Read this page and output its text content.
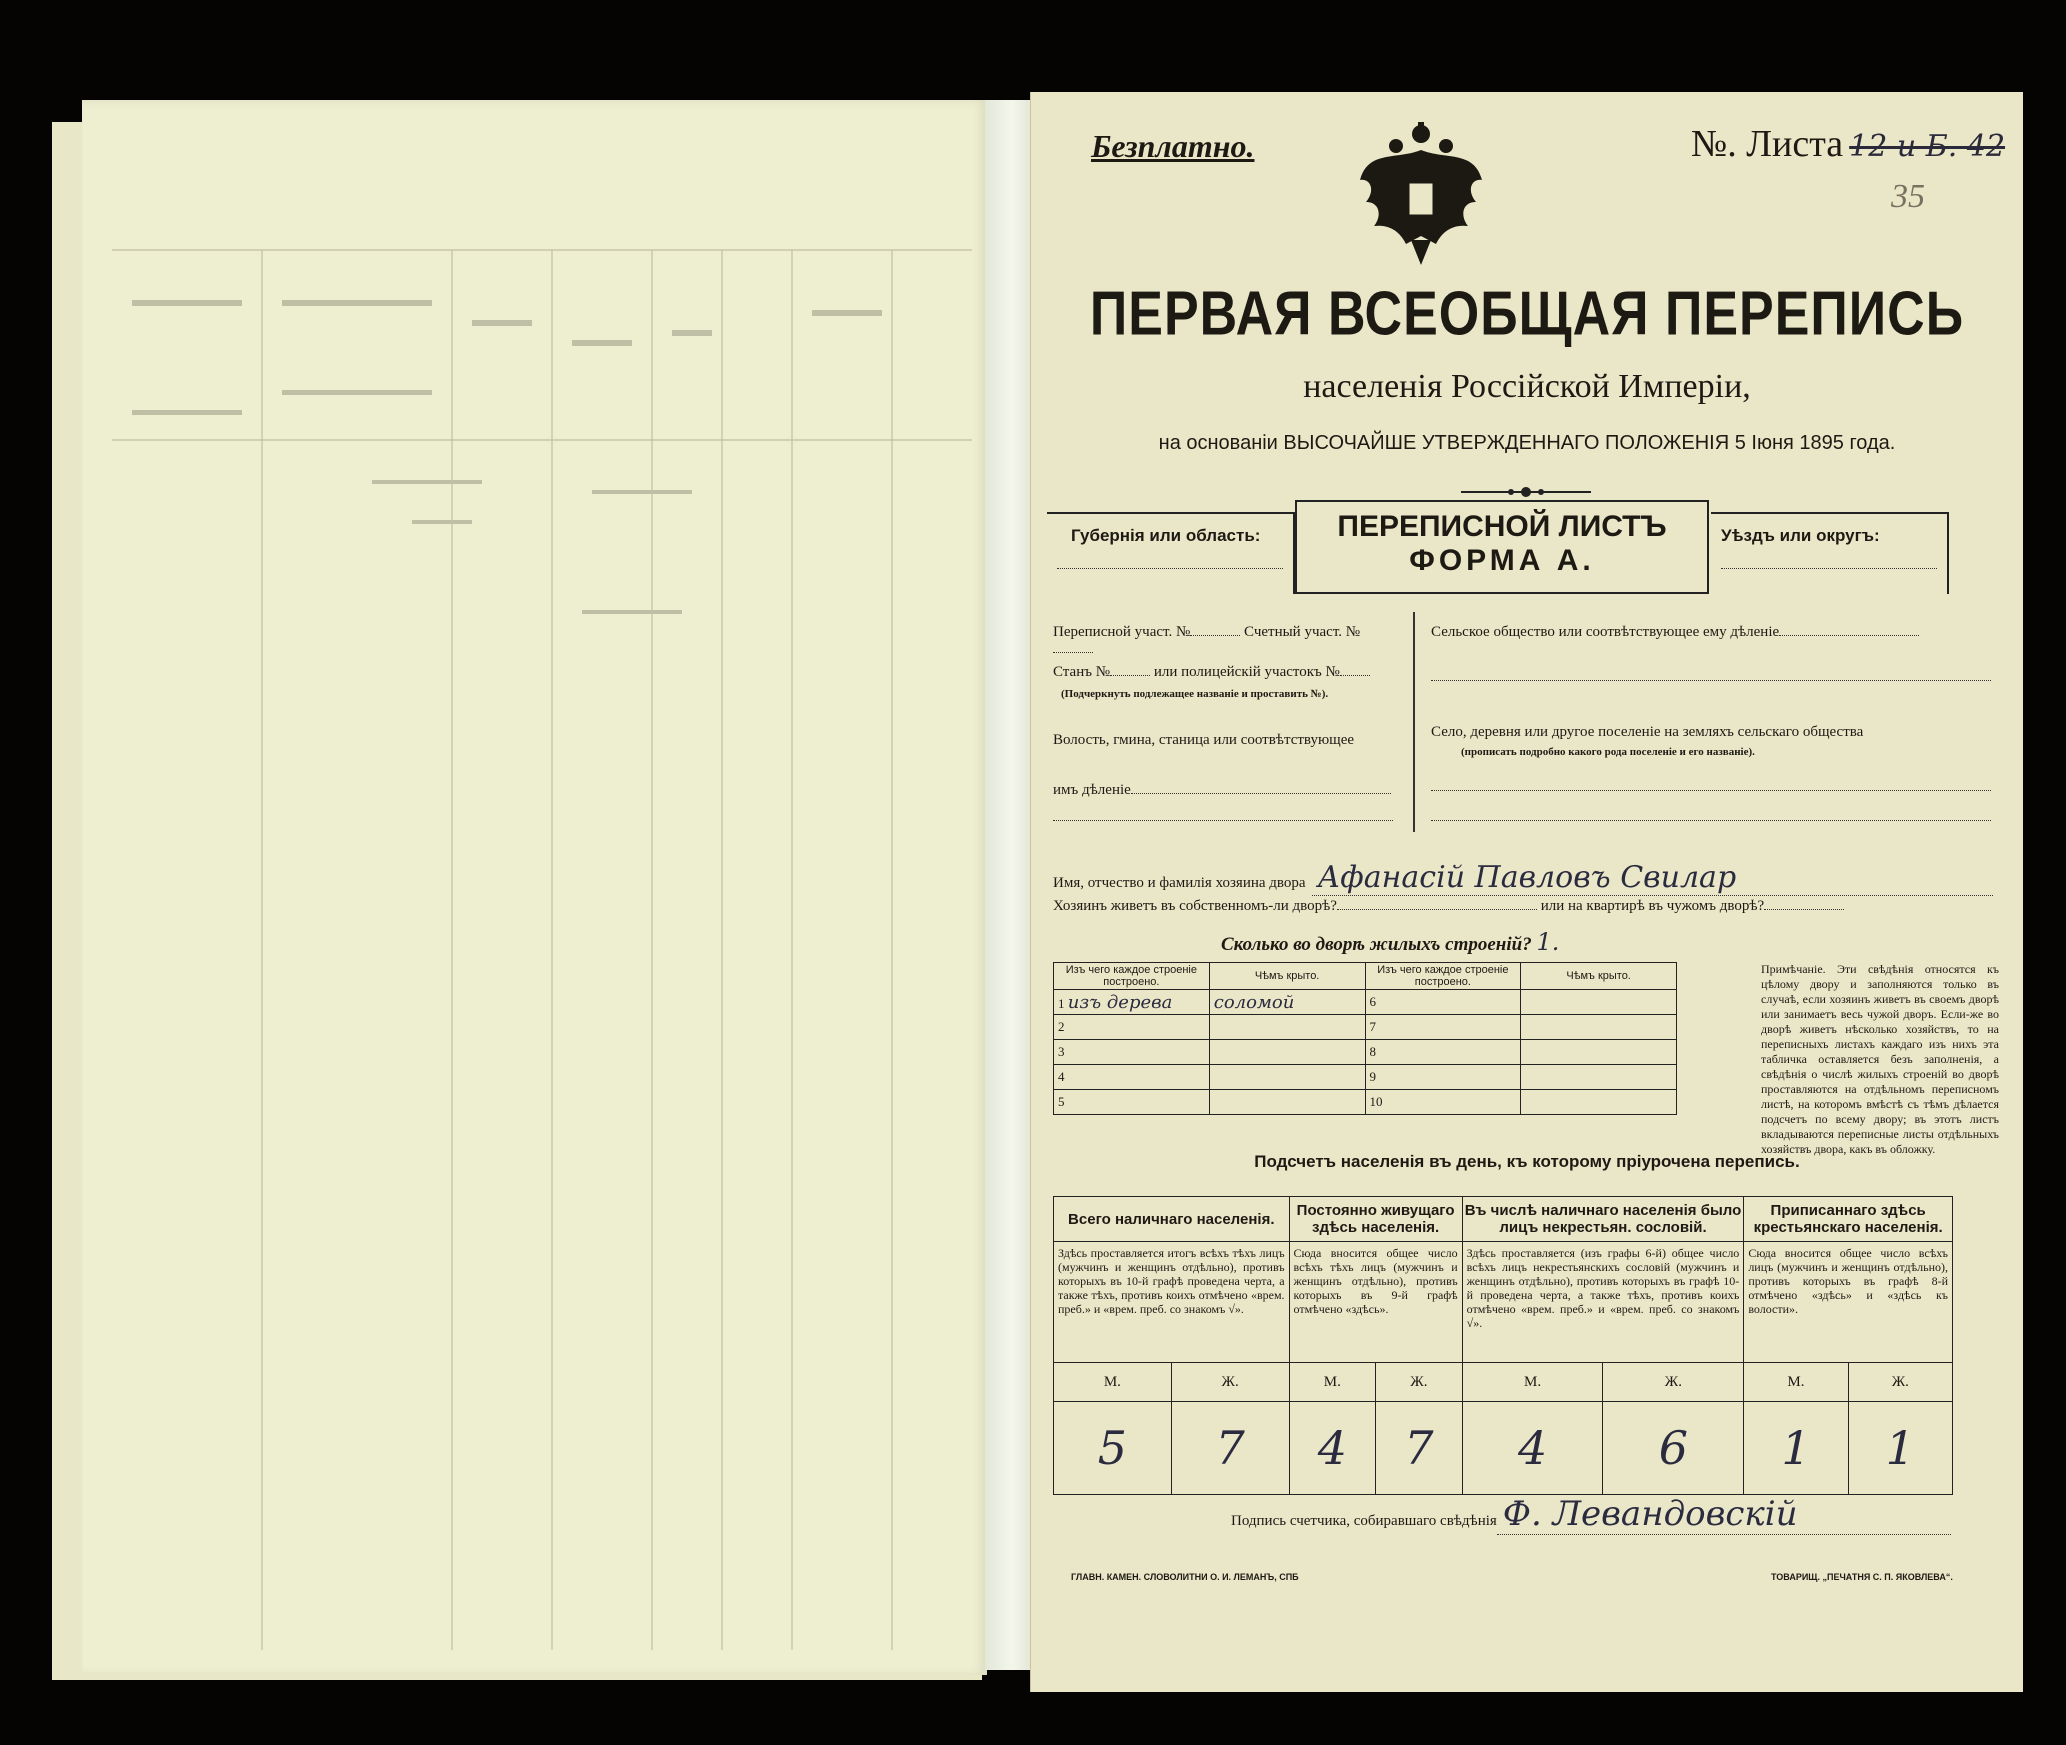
Безплатно.	№. Листа 12 и Б. 42
35
ПЕРВАЯ ВСЕОБЩАЯ ПЕРЕПИСЬ
населенія Россійской Имперіи,
на основаніи ВЫСОЧАЙШЕ УТВЕРЖДЕННАГО ПОЛОЖЕНІЯ 5 Іюня 1895 года.
Губернія или область:	ПЕРЕПИСНОЙ ЛИСТЪ
ФОРМА А.
Уѣздъ или округъ:
Переписной участ. №	Счетный участ. №
Станъ №	или полицейскій участокъ №
(Подчеркнуть подлежащее названіе и проставить №).
Волость, гмина, станица или соотвѣтствующее
имъ дѣленіе
Сельское общество или соотвѣтствующее ему дѣленіе
Село, деревня или другое поселеніе на земляхъ сельскаго общества
(прописать подробно какого рода поселеніе и его названіе).
Имя, отчество и фамилія хозяина двора Афанасій Павловъ Свилар
Хозяинъ живетъ въ собственномъ-ли дворѣ?	или на квартирѣ въ чужомъ дворѣ?
Сколько во дворѣ жилыхъ строеній? 1.
Изъ чего каждое строеніе построено.	Чѣмъ крыто.	Изъ чего каждое строеніе построено.	Чѣмъ крыто.
1 изъ дерева	соломой	6	
2		7	
3		8	
4		9	
5		10	
Примѣчаніе. Эти свѣдѣнія относятся къ цѣлому двору и заполняются только въ случаѣ, если хозяинъ живетъ въ своемъ дворѣ или занимаетъ весь чужой дворъ. Если-же во дворѣ живетъ нѣсколько хозяйствъ, то на переписныхъ листахъ каждаго изъ нихъ эта табличка оставляется безъ заполненія, а свѣдѣнія о числѣ жилыхъ строеній во дворѣ проставляются на отдѣльномъ переписномъ листѣ, на которомъ вмѣстѣ съ тѣмъ дѣлается подсчетъ по всему двору; въ этотъ листъ вкладываются переписные листы отдѣльныхъ хозяйствъ двора, какъ въ обложку.
Подсчетъ населенія въ день, къ которому пріурочена перепись.
Всего наличнаго населенія.		Постоянно живущаго здѣсь населенія.		Въ числѣ наличнаго населенія было лицъ некрестьян. сословій.		Приписаннаго здѣсь крестьянскаго населенія.	
Здѣсь проставляется итогъ всѣхъ тѣхъ лицъ (мужчинъ и женщинъ отдѣльно), противъ которыхъ въ 10-й графѣ проведена черта, а также тѣхъ, противъ коихъ отмѣчено «врем. преб.» и «врем. преб. со знакомъ √».		Сюда вносится общее число всѣхъ тѣхъ лицъ (мужчинъ и женщинъ отдѣльно), противъ которыхъ въ 9-й графѣ отмѣчено «здѣсь».		Здѣсь проставляется (изъ графы 6-й) общее число всѣхъ лицъ некрестьянскихъ сословій (мужчинъ и женщинъ отдѣльно), противъ которыхъ въ графѣ 10-й проведена черта, а также тѣхъ, противъ коихъ отмѣчено «врем. преб.» и «врем. преб. со знакомъ √».		Сюда вносится общее число всѣхъ лицъ (мужчинъ и женщинъ отдѣльно), противъ которыхъ въ графѣ 8-й отмѣчено «здѣсь» и «здѣсь къ волости».	
М.	Ж.	М.	Ж.	М.	Ж.	М.	Ж.
5	7	4	7	4	6	1	1
Подпись счетчика, собиравшаго свѣдѣнія Ф. Левандовскій
ГЛАВН. КАМЕН. СЛОВОЛИТНИ О. И. ЛЕМАНЪ, СПБ	ТОВАРИЩ. „ПЕЧАТНЯ С. П. ЯКОВЛЕВА“.
